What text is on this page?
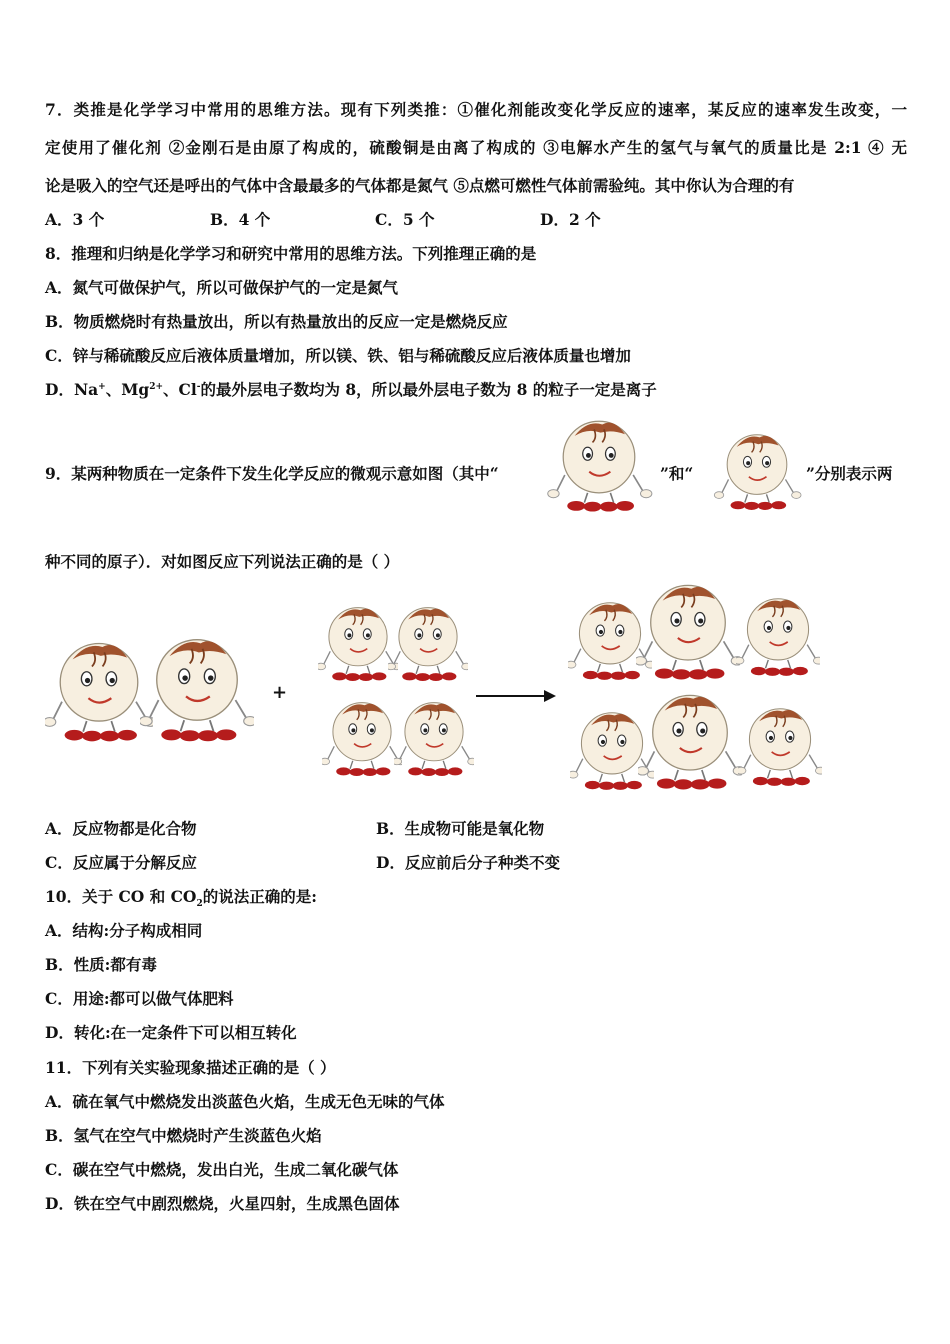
7．类推是化学学习中常用的思维方法。现有下列类推：①催化剂能改变化学反应的速率，某反应的速率发生改变，一
定使用了催化剂 ②金刚石是由原了构成的，硫酸铜是由离了构成的 ③电解水产生的氢气与氧气的质量比是 2:1 ④ 无
论是吸入的空气还是呼出的气体中含最最多的气体都是氮气 ⑤点燃可燃性气体前需验纯。其中你认为合理的有
A．3 个	B．4 个	C．5 个	D．2 个
8．推理和归纳是化学学习和研究中常用的思维方法。下列推理正确的是
A．氮气可做保护气，所以可做保护气的一定是氮气
B．物质燃烧时有热量放出，所以有热量放出的反应一定是燃烧反应
C．锌与稀硫酸反应后液体质量增加，所以镁、铁、铝与稀硫酸反应后液体质量也增加
D．Na+、$Mg^{2+}$、Cl-的最外层电子数均为 8，所以最外层电子数为 8 的粒子一定是离子
9．某两种物质在一定条件下发生化学反应的微观示意如图（其中“	”和“	”分别表示两
种不同的原子）．对如图反应下列说法正确的是（ ）
+
A．反应物都是化合物	B．生成物可能是氧化物
C．反应属于分解反应	D．反应前后分子种类不变
10．关于 CO 和 $CO_2$的说法正确的是:
A．结构:分子构成相同
B．性质:都有毒
C．用途:都可以做气体肥料
D．转化:在一定条件下可以相互转化
11．下列有关实验现象描述正确的是（ ）
A．硫在氧气中燃烧发出淡蓝色火焰，生成无色无味的气体
B．氢气在空气中燃烧时产生淡蓝色火焰
C．碳在空气中燃烧，发出白光，生成二氧化碳气体
D．铁在空气中剧烈燃烧，火星四射，生成黑色固体
